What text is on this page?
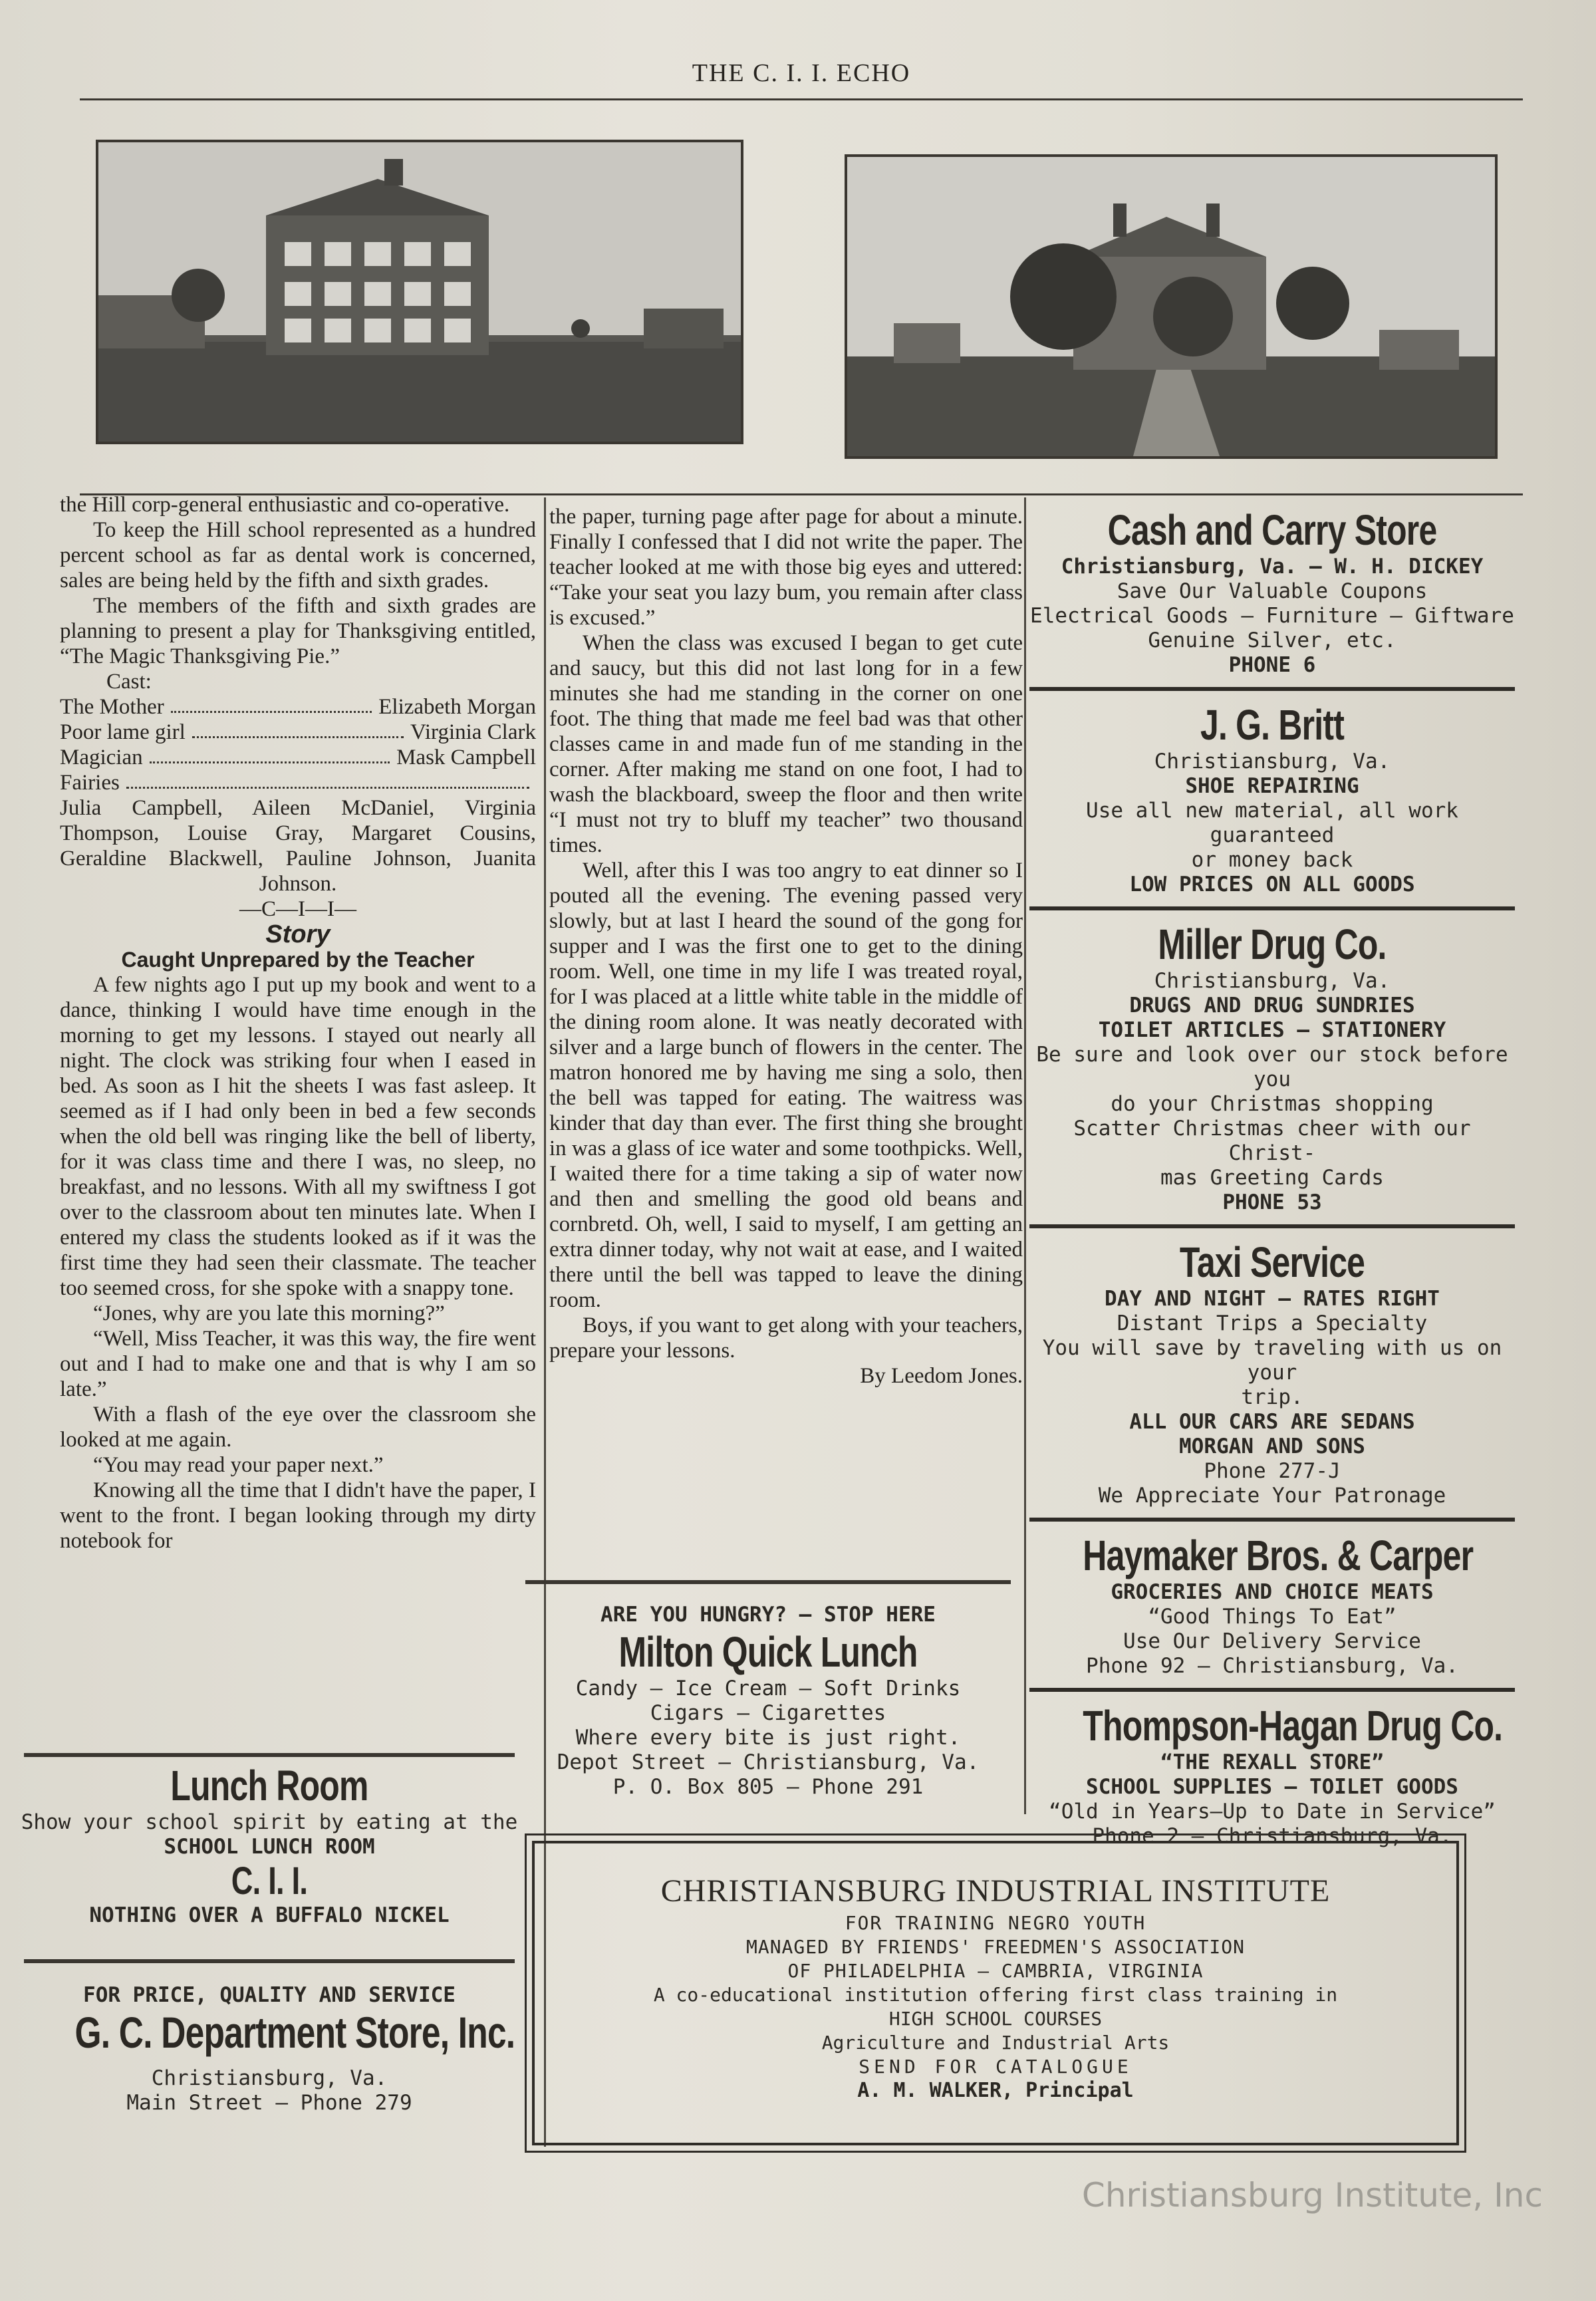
THE C. I. I. ECHO

the Hill corp-general enthusiastic and co-operative.

To keep the Hill school represented as a hundred percent school as far as dental work is concerned, sales are being held by the fifth and sixth grades.

The members of the fifth and sixth grades are planning to present a play for Thanksgiving entitled, “The Magic Thanksgiving Pie.”

Cast:

The Mother	Elizabeth Morgan
Poor lame girl	Virginia Clark
Magician	Mask Campbell
Fairies

Julia Campbell, Aileen McDaniel, Virginia Thompson, Louise Gray, Margaret Cousins, Geraldine Blackwell, Pauline Johnson, Juanita Johnson.

—C—I—I—

Story
Caught Unprepared by the Teacher

A few nights ago I put up my book and went to a dance, thinking I would have time enough in the morning to get my lessons. I stayed out nearly all night. The clock was striking four when I eased in bed. As soon as I hit the sheets I was fast asleep. It seemed as if I had only been in bed a few seconds when the old bell was ringing like the bell of liberty, for it was class time and there I was, no sleep, no breakfast, and no lessons. With all my swiftness I got over to the classroom about ten minutes late. When I entered my class the students looked as if it was the first time they had seen their classmate. The teacher too seemed cross, for she spoke with a snappy tone.

“Jones, why are you late this morning?”

“Well, Miss Teacher, it was this way, the fire went out and I had to make one and that is why I am so late.”

With a flash of the eye over the classroom she looked at me again.

“You may read your paper next.”

Knowing all the time that I didn't have the paper, I went to the front. I began looking through my dirty notebook for

the paper, turning page after page for about a minute. Finally I confessed that I did not write the paper. The teacher looked at me with those big eyes and uttered: “Take your seat you lazy bum, you remain after class is excused.”

When the class was excused I began to get cute and saucy, but this did not last long for in a few minutes she had me standing in the corner on one foot. The thing that made me feel bad was that other classes came in and made fun of me standing in the corner. After making me stand on one foot, I had to wash the blackboard, sweep the floor and then write “I must not try to bluff my teacher” two thousand times.

Well, after this I was too angry to eat dinner so I pouted all the evening. The evening passed very slowly, but at last I heard the sound of the gong for supper and I was the first one to get to the dining room. Well, one time in my life I was treated royal, for I was placed at a little white table in the middle of the dining room alone. It was neatly decorated with silver and a large bunch of flowers in the center. The matron honored me by having me sing a solo, then the bell was tapped for eating. The waitress was kinder that day than ever. The first thing she brought in was a glass of ice water and some toothpicks. Well, I waited there for a time taking a sip of water now and then and smelling the good old beans and cornbretd. Oh, well, I said to myself, I am getting an extra dinner today, why not wait at ease, and I waited there until the bell was tapped to leave the dining room.

Boys, if you want to get along with your teachers, prepare your lessons.

By Leedom Jones.

Lunch Room
Show your school spirit by eating at the
SCHOOL LUNCH ROOM
C. I. I.
NOTHING OVER A BUFFALO NICKEL
FOR PRICE, QUALITY AND SERVICE
G. C. Department Store, Inc.
Christiansburg, Va.
Main Street — Phone 279
ARE YOU HUNGRY? — STOP HERE
Milton Quick Lunch
Candy — Ice Cream — Soft Drinks
Cigars — Cigarettes
Where every bite is just right.
Depot Street — Christiansburg, Va.
P. O. Box 805 — Phone 291
Cash and Carry Store
Christiansburg, Va. — W. H. DICKEY
Save Our Valuable Coupons
Electrical Goods — Furniture — Giftware
Genuine Silver, etc.
PHONE 6
J. G. Britt
Christiansburg, Va.
SHOE REPAIRING
Use all new material, all work guaranteed
or money back
LOW PRICES ON ALL GOODS
Miller Drug Co.
Christiansburg, Va.
DRUGS AND DRUG SUNDRIES
TOILET ARTICLES — STATIONERY
Be sure and look over our stock before you
do your Christmas shopping
Scatter Christmas cheer with our Christ-
mas Greeting Cards
PHONE 53
Taxi Service
DAY AND NIGHT — RATES RIGHT
Distant Trips a Specialty
You will save by traveling with us on your
trip.
ALL OUR CARS ARE SEDANS
MORGAN AND SONS
Phone 277-J
We Appreciate Your Patronage
Haymaker Bros. & Carper
GROCERIES AND CHOICE MEATS
“Good Things To Eat”
Use Our Delivery Service
Phone 92 — Christiansburg, Va.
Thompson-Hagan Drug Co.
“THE REXALL STORE”
SCHOOL SUPPLIES — TOILET GOODS
“Old in Years—Up to Date in Service”
Phone 2 — Christiansburg, Va.
CHRISTIANSBURG INDUSTRIAL INSTITUTE
FOR TRAINING NEGRO YOUTH
MANAGED BY FRIENDS' FREEDMEN'S ASSOCIATION
OF PHILADELPHIA — CAMBRIA, VIRGINIA
A co-educational institution offering first class training in
HIGH SCHOOL COURSES
Agriculture and Industrial Arts
SEND FOR CATALOGUE
A. M. WALKER, Principal
Christiansburg Institute, Inc
